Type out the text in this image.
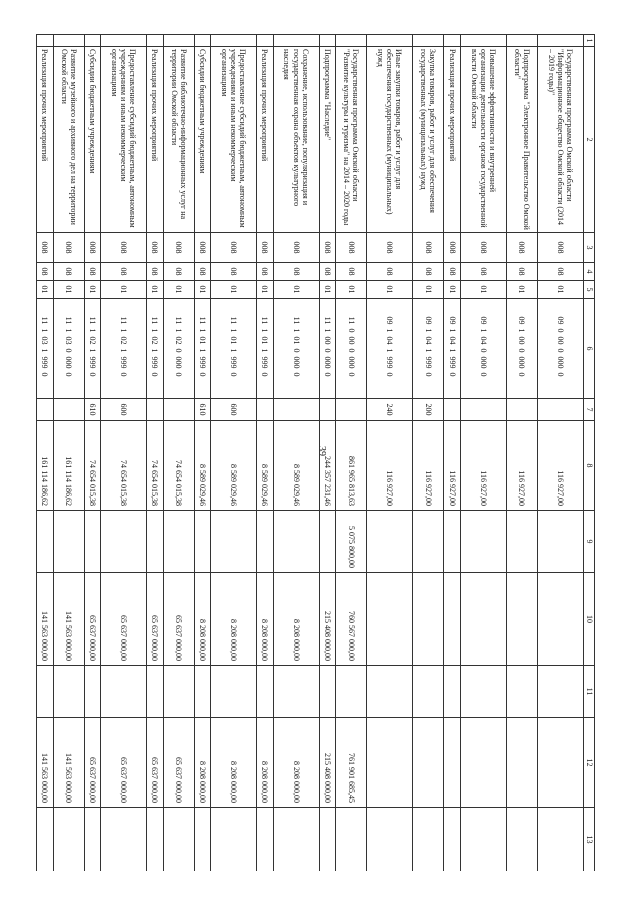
39
1	2	3	4	5	6	7	8	9	10	11	12	13
	Государственная программа Омской области "Информационное общество Омской области (2014 – 2019 годы)"	008	08	01	0900000000		116 927,00					
	Подпрограмма "Электронное Правительство Омской области"	008	08	01	0910000000		116 927,00					
	Повышение эффективности и внутренней организации деятельности органов государственной власти Омской области	008	08	01	0910400000		116 927,00					
	Реализация прочих мероприятий	008	08	01	0910419990		116 927,00					
	Закупка товаров, работ и услуг для обеспечения государственных (муниципальных) нужд	008	08	01	0910419990	200	116 927,00					
	Иные закупки товаров, работ и услуг для обеспечения государственных (муниципальных) нужд	008	08	01	0910419990	240	116 927,00					
	Государственная программа Омской области "Развитие культуры и туризма" на 2014 – 2020 годы	008	08	01	1100000000		861 965 813,63	5 075 800,00	760 567 000,00		761 901 685,45	
	Подпрограмма "Наследие"	008	08	01	1110000000		244 357 231,46		215 408 000,00		215 408 000,00	
	Сохранение, использование, популяризация и государственная охрана объектов культурного наследия	008	08	01	1110100000		8 589 029,46		8 208 000,00		8 208 000,00	
	Реализация прочих мероприятий	008	08	01	1110119990		8 589 029,46		8 208 000,00		8 208 000,00	
	Предоставление субсидий бюджетным, автономным учреждениям и иным некоммерческим организациям	008	08	01	1110119990	600	8 589 029,46		8 208 000,00		8 208 000,00	
	Субсидии бюджетным учреждениям	008	08	01	1110119990	610	8 589 029,46		8 208 000,00		8 208 000,00	
	Развитие библиотечно-информационных услуг на территории Омской области	008	08	01	1110200000		74 654 015,38		65 637 000,00		65 637 000,00	
	Реализация прочих мероприятий	008	08	01	1110219990		74 654 015,38		65 637 000,00		65 637 000,00	
	Предоставление субсидий бюджетным, автономным учреждениям и иным некоммерческим организациям	008	08	01	1110219990	600	74 654 015,38		65 637 000,00		65 637 000,00	
	Субсидии бюджетным учреждениям	008	08	01	1110219990	610	74 654 015,38		65 637 000,00		65 637 000,00	
	Развитие музейного и архивного дел на территории Омской области	008	08	01	1110300000		161 114 186,62		141 563 000,00		141 563 000,00	
	Реализация прочих мероприятий	008	08	01	1110319990		161 114 186,62		141 563 000,00		141 563 000,00	
